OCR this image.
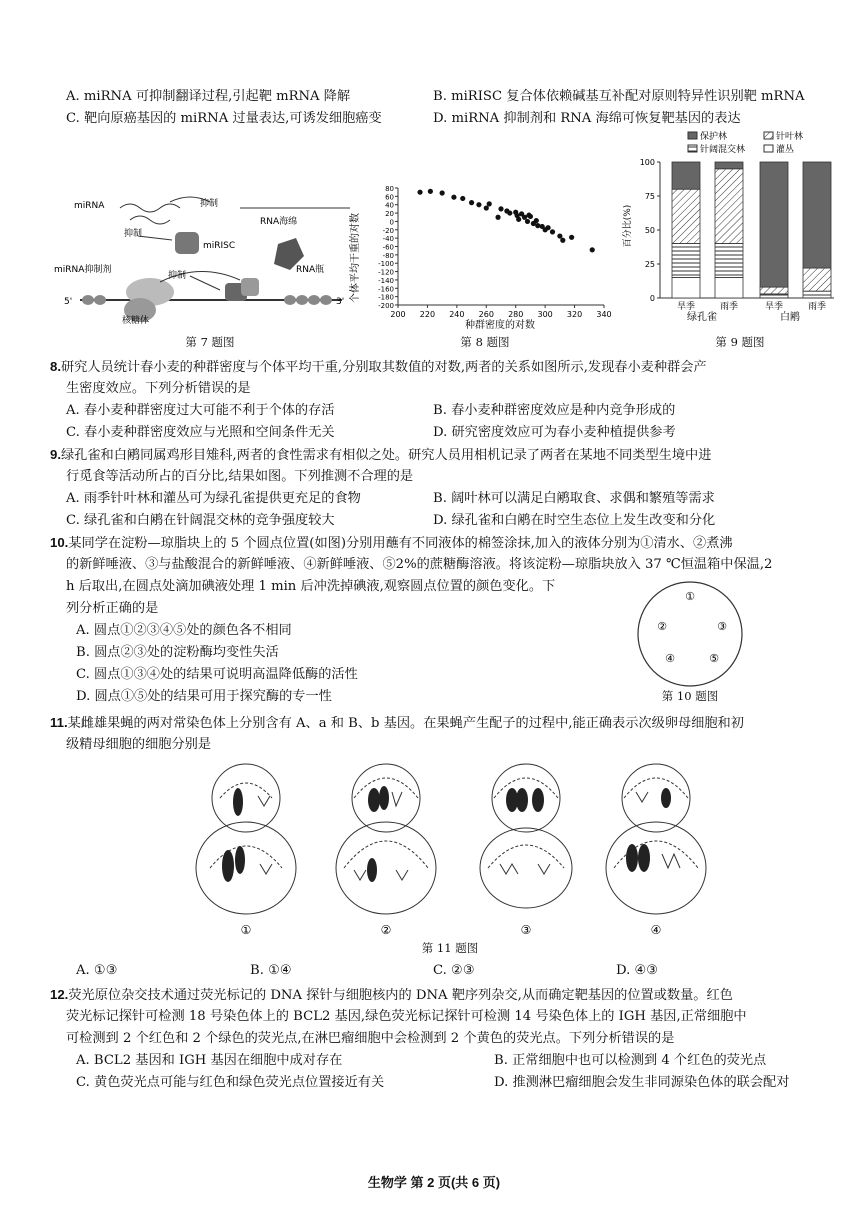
A. miRNA 可抑制翻译过程,引起靶 mRNA 降解	B. miRISC 复合体依赖碱基互补配对原则特异性识别靶 mRNA
C. 靶向原癌基因的 miRNA 过量表达,可诱发细胞癌变	D. miRNA 抑制剂和 RNA 海绵可恢复靶基因的表达
miRNA	抑制
RNA海绵
抑制
miRISC
miRNA抑制剂
抑制
RNA瓶
核糖体
5'	3'
第 7 题图
200 220 240 260 280 300 320 340
80
60
40
20
0
-20
-40
-60
-80
-100
-120
-140
-160
-180
-200
个体平均干重的对数
种群密度的对数
第 8 题图
保护林	针叶林
针阔混交林	灌丛
百分比(%)
100
75
50
25
0
旱季	雨季	旱季	雨季
绿孔雀	白鹇
第 9 题图
8.研究人员统计春小麦的种群密度与个体平均干重,分别取其数值的对数,两者的关系如图所示,发现春小麦种群会产
生密度效应。下列分析错误的是
A. 春小麦种群密度过大可能不利于个体的存活	B. 春小麦种群密度效应是种内竞争形成的
C. 春小麦种群密度效应与光照和空间条件无关	D. 研究密度效应可为春小麦种植提供参考
9.绿孔雀和白鹇同属鸡形目雉科,两者的食性需求有相似之处。研究人员用相机记录了两者在某地不同类型生境中进
行觅食等活动所占的百分比,结果如图。下列推测不合理的是
A. 雨季针叶林和灌丛可为绿孔雀提供更充足的食物	B. 阔叶林可以满足白鹇取食、求偶和繁殖等需求
C. 绿孔雀和白鹇在针阔混交林的竞争强度较大	D. 绿孔雀和白鹇在时空生态位上发生改变和分化
10.某同学在淀粉—琼脂块上的 5 个圆点位置(如图)分别用蘸有不同液体的棉签涂抹,加入的液体分别为①清水、②煮沸
的新鲜唾液、③与盐酸混合的新鲜唾液、④新鲜唾液、⑤2%的蔗糖酶溶液。将该淀粉—琼脂块放入 37 ℃恒温箱中保温,2
h 后取出,在圆点处滴加碘液处理 1 min 后冲洗掉碘液,观察圆点位置的颜色变化。下
列分析正确的是
A. 圆点①②③④⑤处的颜色各不相同
B. 圆点②③处的淀粉酶均变性失活
C. 圆点①③④处的结果可说明高温降低酶的活性
D. 圆点①⑤处的结果可用于探究酶的专一性
①
②	③
④	⑤
第 10 题图
11.某雌雄果蝇的两对常染色体上分别含有 A、a 和 B、b 基因。在果蝇产生配子的过程中,能正确表示次级卵母细胞和初
级精母细胞的细胞分别是
①	②	③	④
第 11 题图
A. ①③	B. ①④	C. ②③	D. ④③
12.荧光原位杂交技术通过荧光标记的 DNA 探针与细胞核内的 DNA 靶序列杂交,从而确定靶基因的位置或数量。红色
荧光标记探针可检测 18 号染色体上的 BCL2 基因,绿色荧光标记探针可检测 14 号染色体上的 IGH 基因,正常细胞中
可检测到 2 个红色和 2 个绿色的荧光点,在淋巴瘤细胞中会检测到 2 个黄色的荧光点。下列分析错误的是
A. BCL2 基因和 IGH 基因在细胞中成对存在	B. 正常细胞中也可以检测到 4 个红色的荧光点
C. 黄色荧光点可能与红色和绿色荧光点位置接近有关	D. 推测淋巴瘤细胞会发生非同源染色体的联会配对
生物学 第 2 页(共 6 页)
